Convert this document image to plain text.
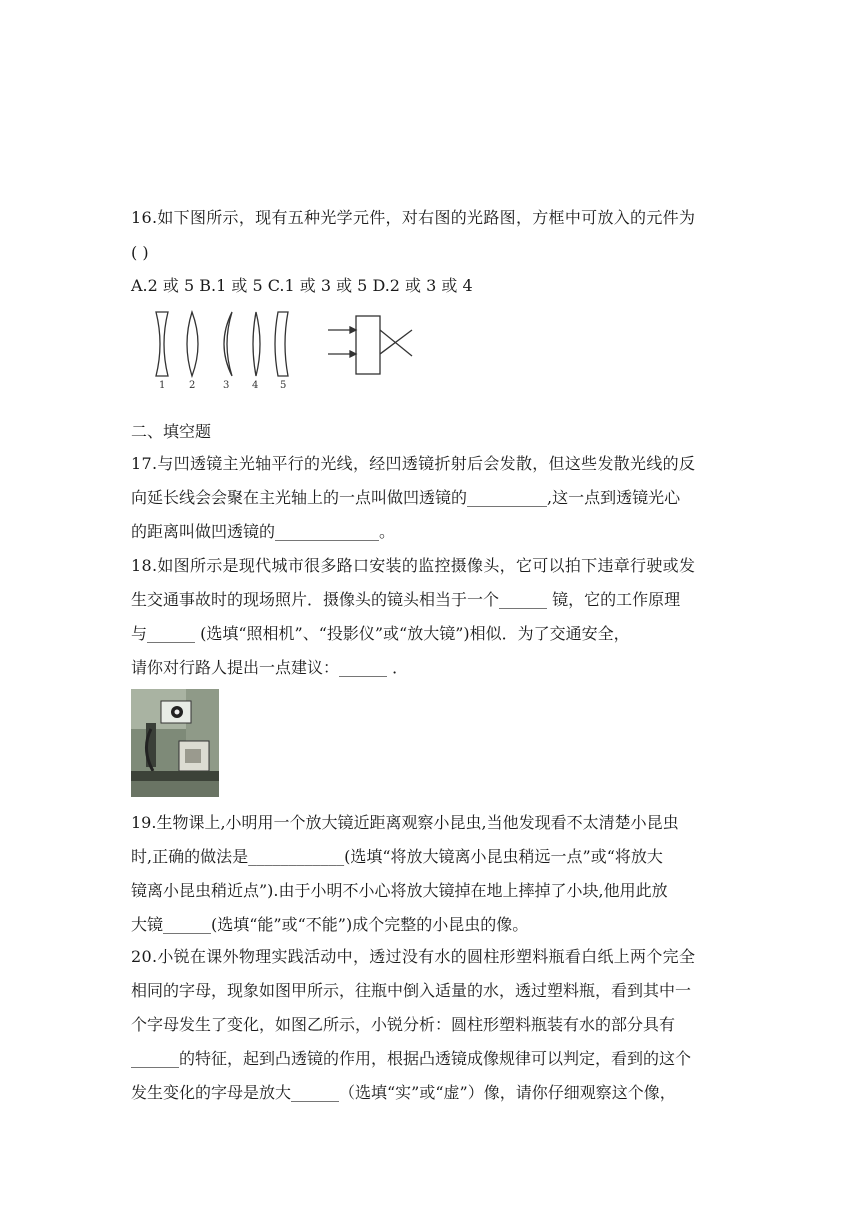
16.如下图所示，现有五种光学元件，对右图的光路图，方框中可放入的元件为
( )
A.2 或 5 B.1 或 5 C.1 或 3 或 5 D.2 或 3 或 4
1 2	3 4 5
二、填空题
17.与凹透镜主光轴平行的光线，经凹透镜折射后会发散，但这些发散光线的反
向延长线会会聚在主光轴上的一点叫做凹透镜的__________,这一点到透镜光心
的距离叫做凹透镜的_____________。
18.如图所示是现代城市很多路口安装的监控摄像头，它可以拍下违章行驶或发
生交通事故时的现场照片．摄像头的镜头相当于一个______ 镜，它的工作原理
与______ (选填“照相机”、“投影仪”或“放大镜”)相似．为了交通安全，
请你对行路人提出一点建议：______ ．
19.生物课上,小明用一个放大镜近距离观察小昆虫,当他发现看不太清楚小昆虫
时,正确的做法是____________(选填“将放大镜离小昆虫稍远一点”或“将放大
镜离小昆虫稍近点”).由于小明不小心将放大镜掉在地上摔掉了小块,他用此放
大镜______(选填“能”或“不能”)成个完整的小昆虫的像。
20.小锐在课外物理实践活动中，透过没有水的圆柱形塑料瓶看白纸上两个完全
相同的字母，现象如图甲所示，往瓶中倒入适量的水，透过塑料瓶，看到其中一
个字母发生了变化，如图乙所示，小锐分析：圆柱形塑料瓶装有水的部分具有
______的特征，起到凸透镜的作用，根据凸透镜成像规律可以判定，看到的这个
发生变化的字母是放大______（选填“实”或“虚”）像，请你仔细观察这个像，
